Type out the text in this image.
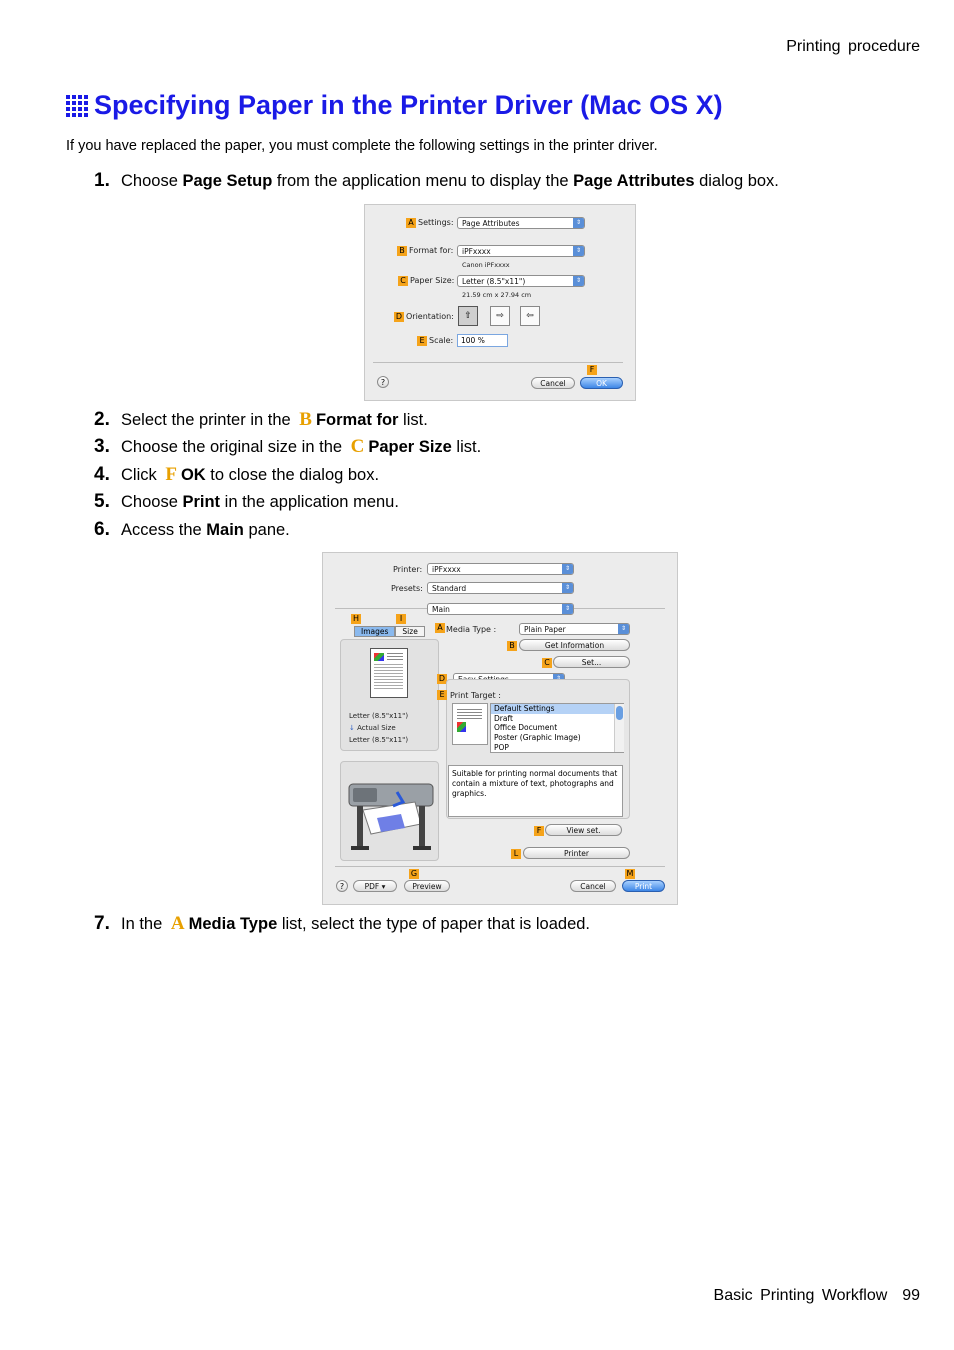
Printing procedure
Specifying Paper in the Printer Driver (Mac OS X)
If you have replaced the paper, you must complete the following settings in the printer driver.
1. Choose Page Setup from the application menu to display the Page Attributes dialog box.
A Settings:	Page Attributes	⇕
B Format for:	iPFxxxx	⇕
Canon iPFxxxx
C Paper Size:	Letter (8.5"x11")	⇕
21.59 cm x 27.94 cm
D Orientation:	⇧	⇨	⇦
E Scale:	100 %
F
?	Cancel	OK
2. Select the printer in the B Format for list.
3. Choose the original size in the C Paper Size list.
4. Click F OK to close the dialog box.
5. Choose Print in the application menu.
6. Access the Main pane.
Printer:	iPFxxxx	⇕
Presets:	Standard	⇕
Main	⇕
H	I
Images	Size
Letter (8.5"x11")
↓ Actual Size
Letter (8.5"x11")
A Media Type :	Plain Paper	⇕
B	Get Information
C	Set...
D
E Print Target :
Default Settings
Draft
Office Document
Poster (Graphic Image)
POP
Suitable for printing normal documents that contain a mixture of text, photographs and graphics.
F	View set.
L	Printer
G	M
?	PDF ▾	Preview	Cancel	Print
7. In the A Media Type list, select the type of paper that is loaded.
Basic Printing Workflow 99
